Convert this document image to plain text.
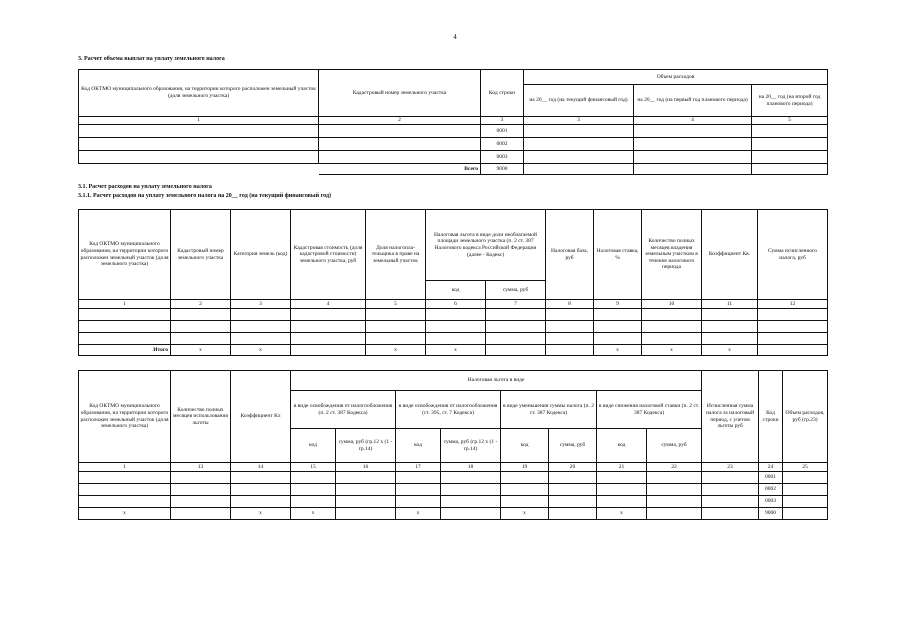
4
3. Расчет объема выплат на уплату земельного налога
Код ОКТМО муниципального образования, на территории которого расположен земельный участок (доля земельного участка)	Кадастровый номер земельного участка	Код строки	Объем расходов		
			на 20__ год (на текущий финансовый год)	на 20__ год (на первый год планового периода)	на 20__ год (на второй год планового периода)
1	2	3	3	4	5
		0001			
		0002			
		0003			
	Всего	9000			
3.1. Расчет расходов на уплату земельного налога
3.1.1. Расчет расходов на уплату земельного налога на 20__ год (на текущий финансовый год)
Код ОКТМО муниципального образования, на территории которого расположен земельный участок (доля земельного участка)	Кадастровый номер земельного участка	Категория земель (код)	Кадастровая стоимость (доля кадастровой стоимости) земельного участка, руб	Доля налогопла-тельщика в праве на земельный участок	Налоговая льгота в виде доли необлагаемой площади земельного участка (п. 2 ст. 387 Налогового кодекса Российской Федерации (далее - Кодекс)		Налоговая база, руб	Налоговая ставка, %	Количество полных месяцев владения земельным участком в течение налогового периода	Коэффициент Кв.	Сумма исчисленного налога, руб
					код	сумма, руб					
1	2	3	4	5	6	7	8	9	10	11	12

Итого	х	х		х	х			х	х	х	
Код ОКТМО муниципального образования, на территории которого расположен земельный участок (доля земельного участка)	Количество полных месяцев использования льготы	Коэффициент Кл	Налоговая льгота в виде								Исчисленная сумма налога за налоговый период, с учетом льготы руб	Код строки	Объем расходов, руб (гр.23)
			в виде освобождения от налогообложения (п. 2 ст. 387 Кодекса)		в виде освобождения от налогообложения (ст. 395, ст. 7 Кодекса)		в виде уменьшения суммы налога (п. 2 ст. 387 Кодекса)		в виде снижения налоговой ставки (п. 2 ст. 387 Кодекса)				
			код	сумма, руб (гр.12 х (1 - гр.14)	код	сумма, руб (гр.12 х (1 - гр.14)	код	сумма, руб	код	сумма, руб			
1	13	14	15	16	17	18	19	20	21	22	23	24	25
												0001	
												0002	
												0003	
х		х	х		х		х		х			9000	
